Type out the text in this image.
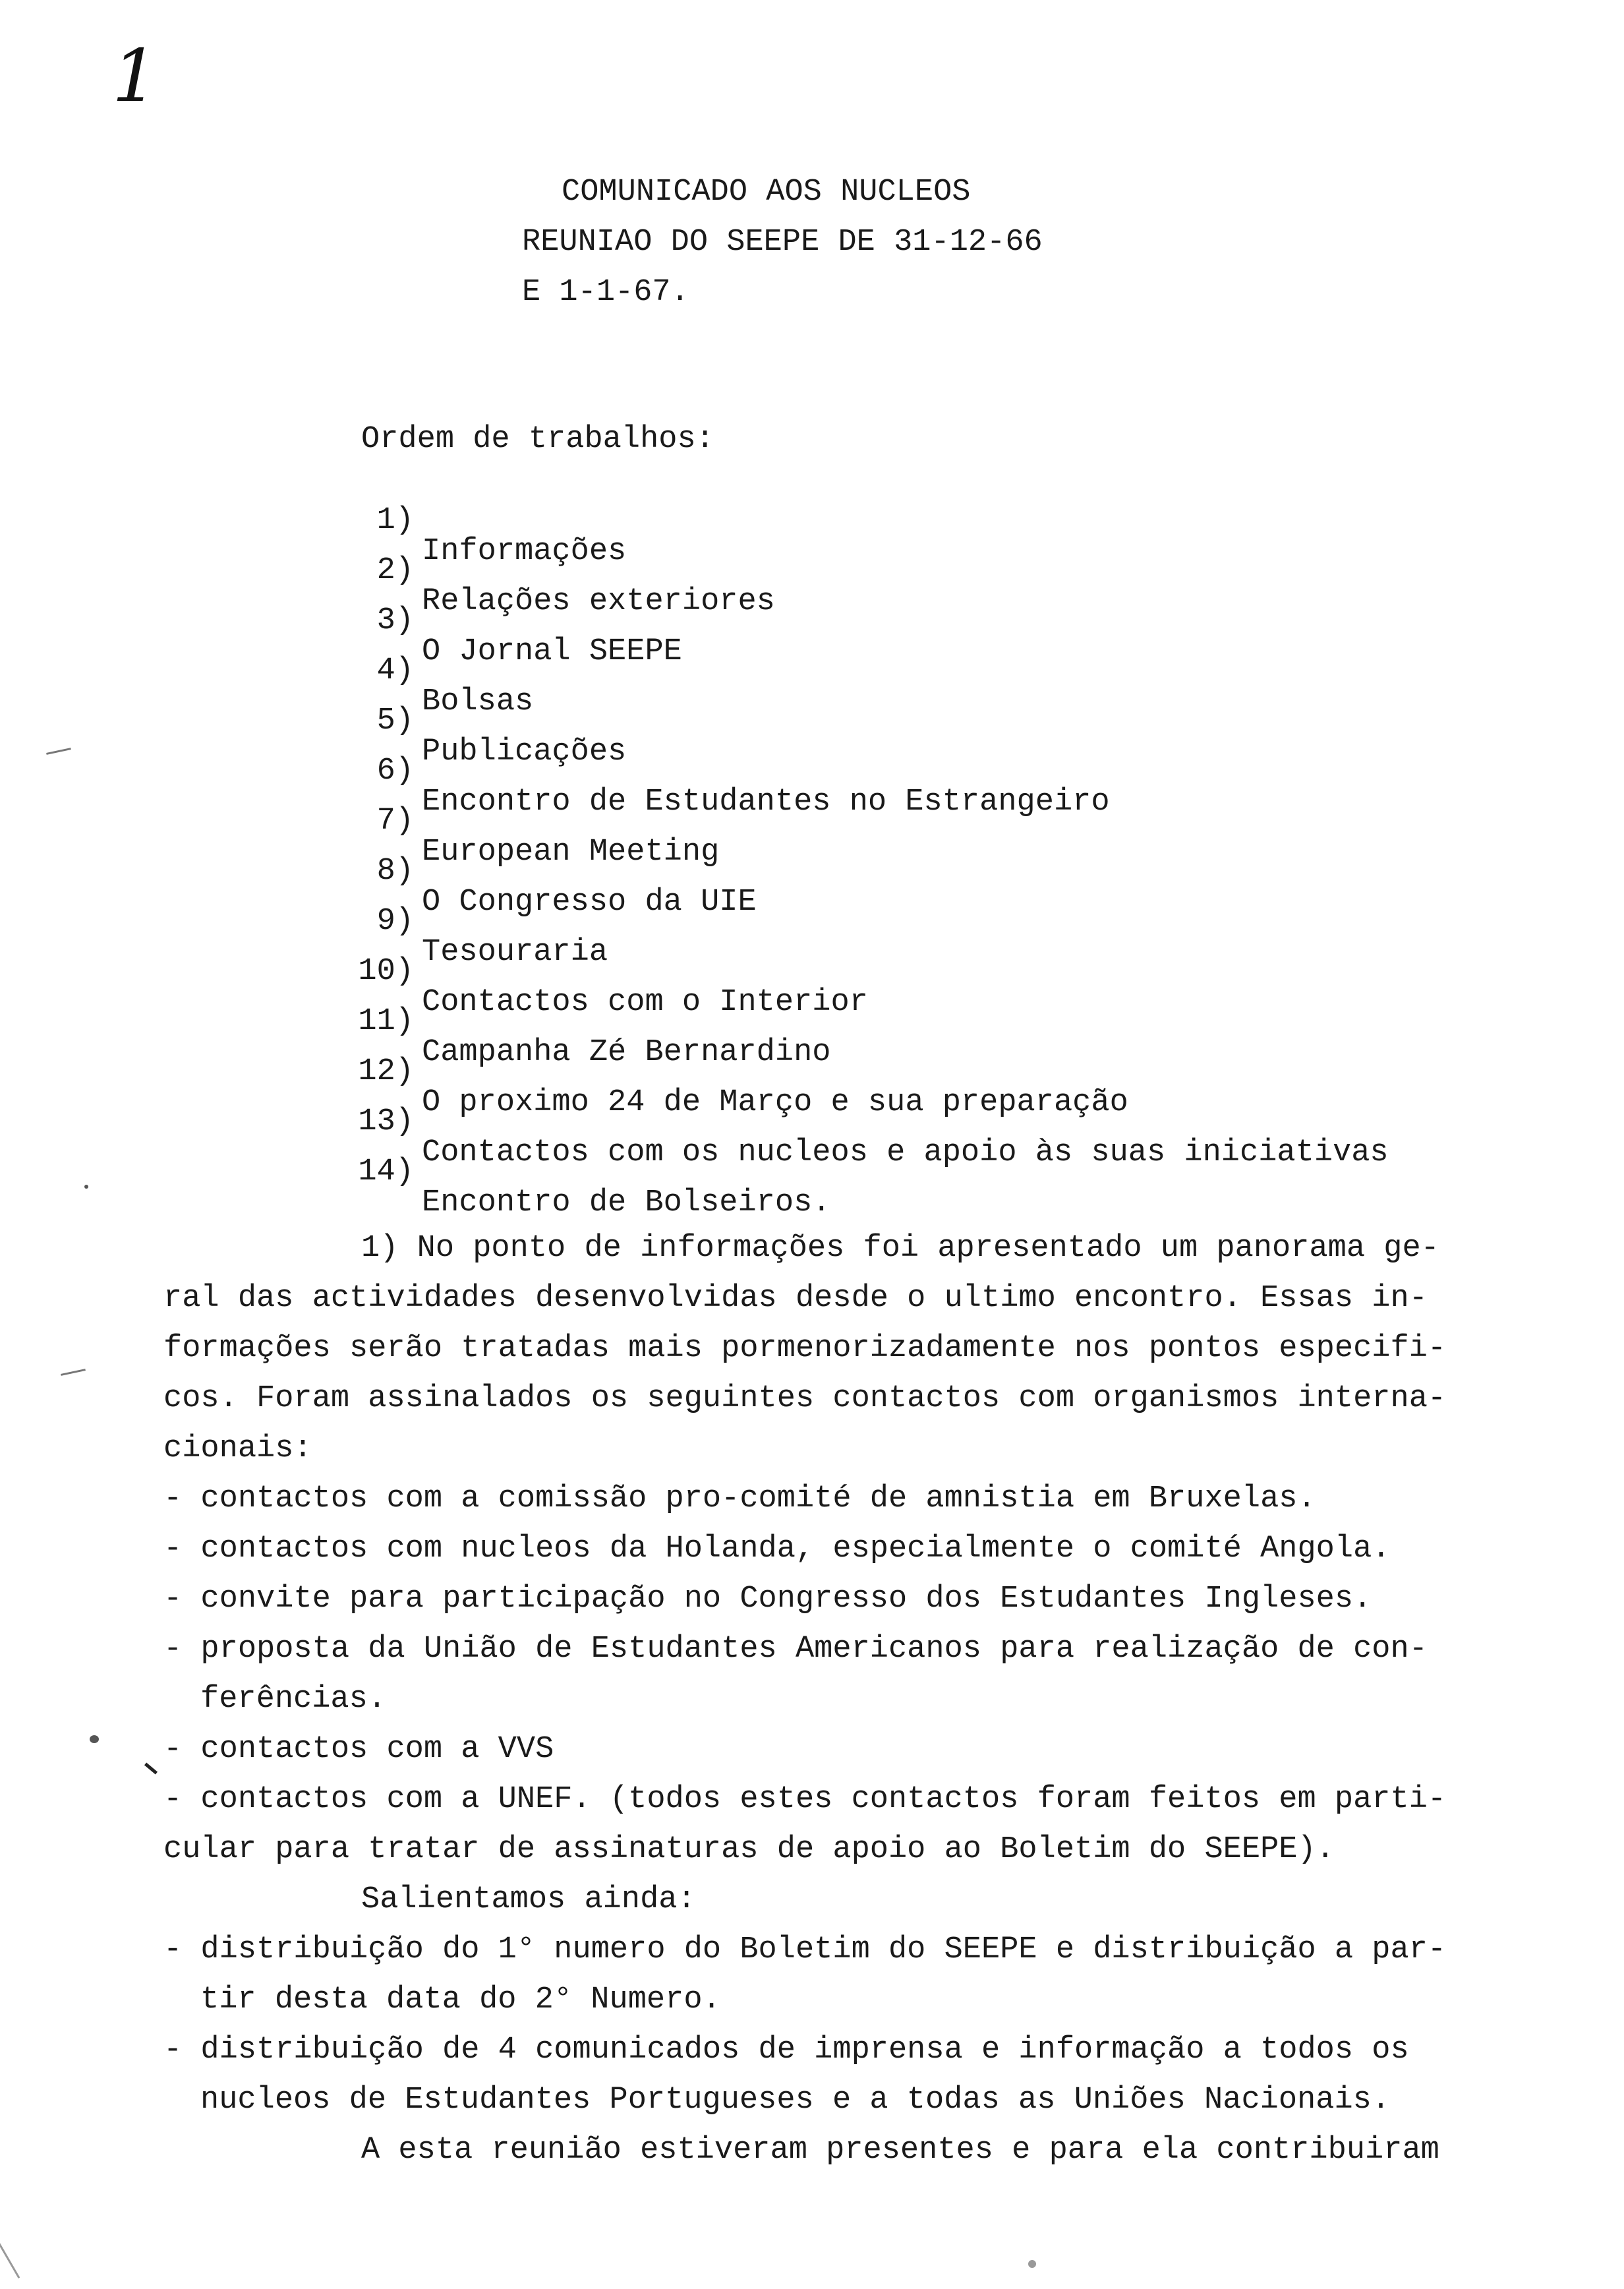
1
COMUNICADO AOS NUCLEOS
REUNIAO DO SEEPE DE 31-12-66
E 1-1-67.
Ordem de trabalhos:

1)

Informações

2)

Relações exteriores

3)

O Jornal SEEPE

4)

Bolsas

5)

Publicações

6)

Encontro de Estudantes no Estrangeiro

7)

European Meeting

8)

O Congresso da UIE

9)

Tesouraria

10)

Contactos com o Interior

11)

Campanha Zé Bernardino

12)

O proximo 24 de Março e sua preparação

13)

Contactos com os nucleos e apoio às suas iniciativas

14)

Encontro de Bolseiros.

1) No ponto de informações foi apresentado um panorama ge-
ral das actividades desenvolvidas desde o ultimo encontro. Essas in-
formações serão tratadas mais pormenorizadamente nos pontos especifi-
cos. Foram assinalados os seguintes contactos com organismos interna-
cionais:
- contactos com a comissão pro-comité de amnistia em Bruxelas.
- contactos com nucleos da Holanda, especialmente o comité Angola.
- convite para participação no Congresso dos Estudantes Ingleses.
- proposta da União de Estudantes Americanos para realização de con-
ferências.
- contactos com a VVS
- contactos com a UNEF. (todos estes contactos foram feitos em parti-
cular para tratar de assinaturas de apoio ao Boletim do SEEPE).
Salientamos ainda:
- distribuição do 1° numero do Boletim do SEEPE e distribuição a par-
tir desta data do 2° Numero.
- distribuição de 4 comunicados de imprensa e informação a todos os
nucleos de Estudantes Portugueses e a todas as Uniões Nacionais.
A esta reunião estiveram presentes e para ela contribuiram
